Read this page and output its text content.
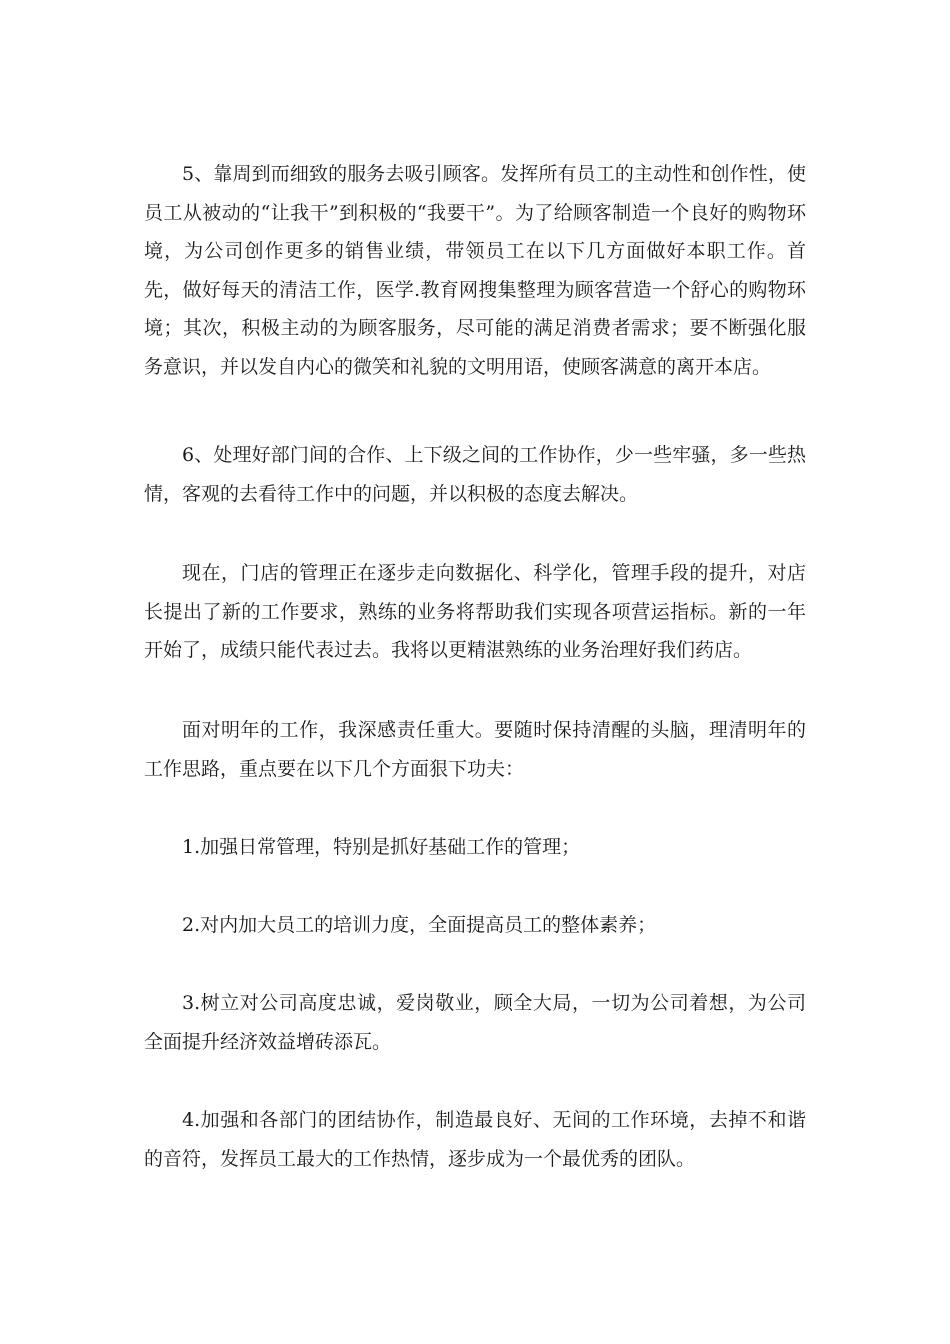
5、靠周到而细致的服务去吸引顾客。发挥所有员工的主动性和创作性，使员工从被动的“让我干”到积极的“我要干”。为了给顾客制造一个良好的购物环境，为公司创作更多的销售业绩，带领员工在以下几方面做好本职工作。首先，做好每天的清洁工作，医学.教育网搜集整理为顾客营造一个舒心的购物环境；其次，积极主动的为顾客服务，尽可能的满足消费者需求；要不断强化服务意识，并以发自内心的微笑和礼貌的文明用语，使顾客满意的离开本店。

6、处理好部门间的合作、上下级之间的工作协作，少一些牢骚，多一些热情，客观的去看待工作中的问题，并以积极的态度去解决。

现在，门店的管理正在逐步走向数据化、科学化，管理手段的提升，对店长提出了新的工作要求，熟练的业务将帮助我们实现各项营运指标。新的一年开始了，成绩只能代表过去。我将以更精湛熟练的业务治理好我们药店。

面对明年的工作，我深感责任重大。要随时保持清醒的头脑，理清明年的工作思路，重点要在以下几个方面狠下功夫：

1.加强日常管理，特别是抓好基础工作的管理；

2.对内加大员工的培训力度，全面提高员工的整体素养；

3.树立对公司高度忠诚，爱岗敬业，顾全大局，一切为公司着想，为公司全面提升经济效益增砖添瓦。

4.加强和各部门的团结协作，制造最良好、无间的工作环境，去掉不和谐的音符，发挥员工最大的工作热情，逐步成为一个最优秀的团队。
